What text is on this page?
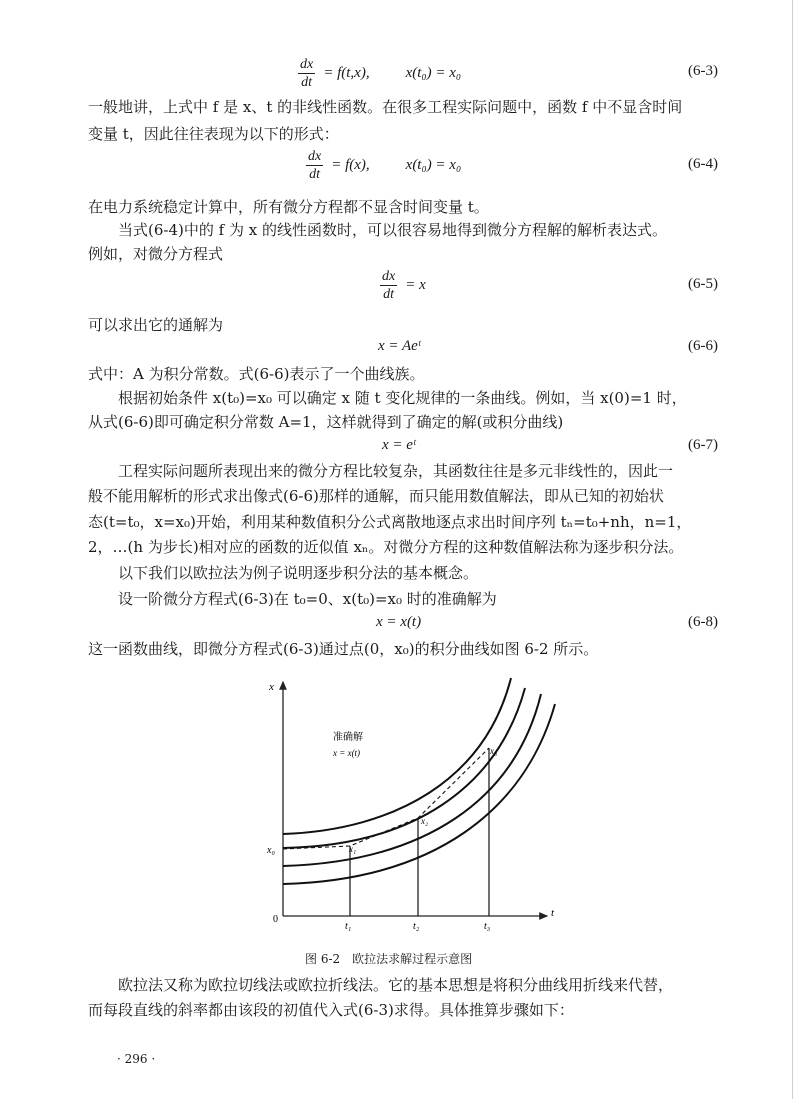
$\frac{dx}{dt} = f(t,x)$, x(t₀) = x₀	(6-3)
一般地讲，上式中 f 是 x、t 的非线性函数。在很多工程实际问题中，函数 f 中不显含时间
变量 t，因此往往表现为以下的形式：
$\frac{dx}{dt} = f(x)$, x(t₀) = x₀	(6-4)
在电力系统稳定计算中，所有微分方程都不显含时间变量 t。
当式(6-4)中的 f 为 x 的线性函数时，可以很容易地得到微分方程解的解析表达式。
例如，对微分方程式
$\frac{dx}{dt} = x$	(6-5)
可以求出它的通解为
x = Aeᵗ	(6-6)
式中：A 为积分常数。式(6-6)表示了一个曲线族。
根据初始条件 x(t₀)=x₀ 可以确定 x 随 t 变化规律的一条曲线。例如，当 x(0)=1 时，
从式(6-6)即可确定积分常数 A=1，这样就得到了确定的解(或积分曲线)
x = eᵗ	(6-7)
工程实际问题所表现出来的微分方程比较复杂，其函数往往是多元非线性的，因此一
般不能用解析的形式求出像式(6-6)那样的通解，而只能用数值解法，即从已知的初始状
态(t=t₀，x=x₀)开始，利用某种数值积分公式离散地逐点求出时间序列 tₙ=t₀+nh，n=1，
2，…(h 为步长)相对应的函数的近似值 xₙ。对微分方程的这种数值解法称为逐步积分法。
以下我们以欧拉法为例子说明逐步积分法的基本概念。
设一阶微分方程式(6-3)在 t₀=0、x(t₀)=x₀ 时的准确解为
x = x(t)	(6-8)
这一函数曲线，即微分方程式(6-3)通过点(0，x₀)的积分曲线如图 6-2 所示。
x
t
0
x₀
t₁	t₂	t₃
x₁
x₂
x₃
准确解
x = x(t)
图 6-2　欧拉法求解过程示意图
欧拉法又称为欧拉切线法或欧拉折线法。它的基本思想是将积分曲线用折线来代替，
而每段直线的斜率都由该段的初值代入式(6-3)求得。具体推算步骤如下：
· 296 ·
